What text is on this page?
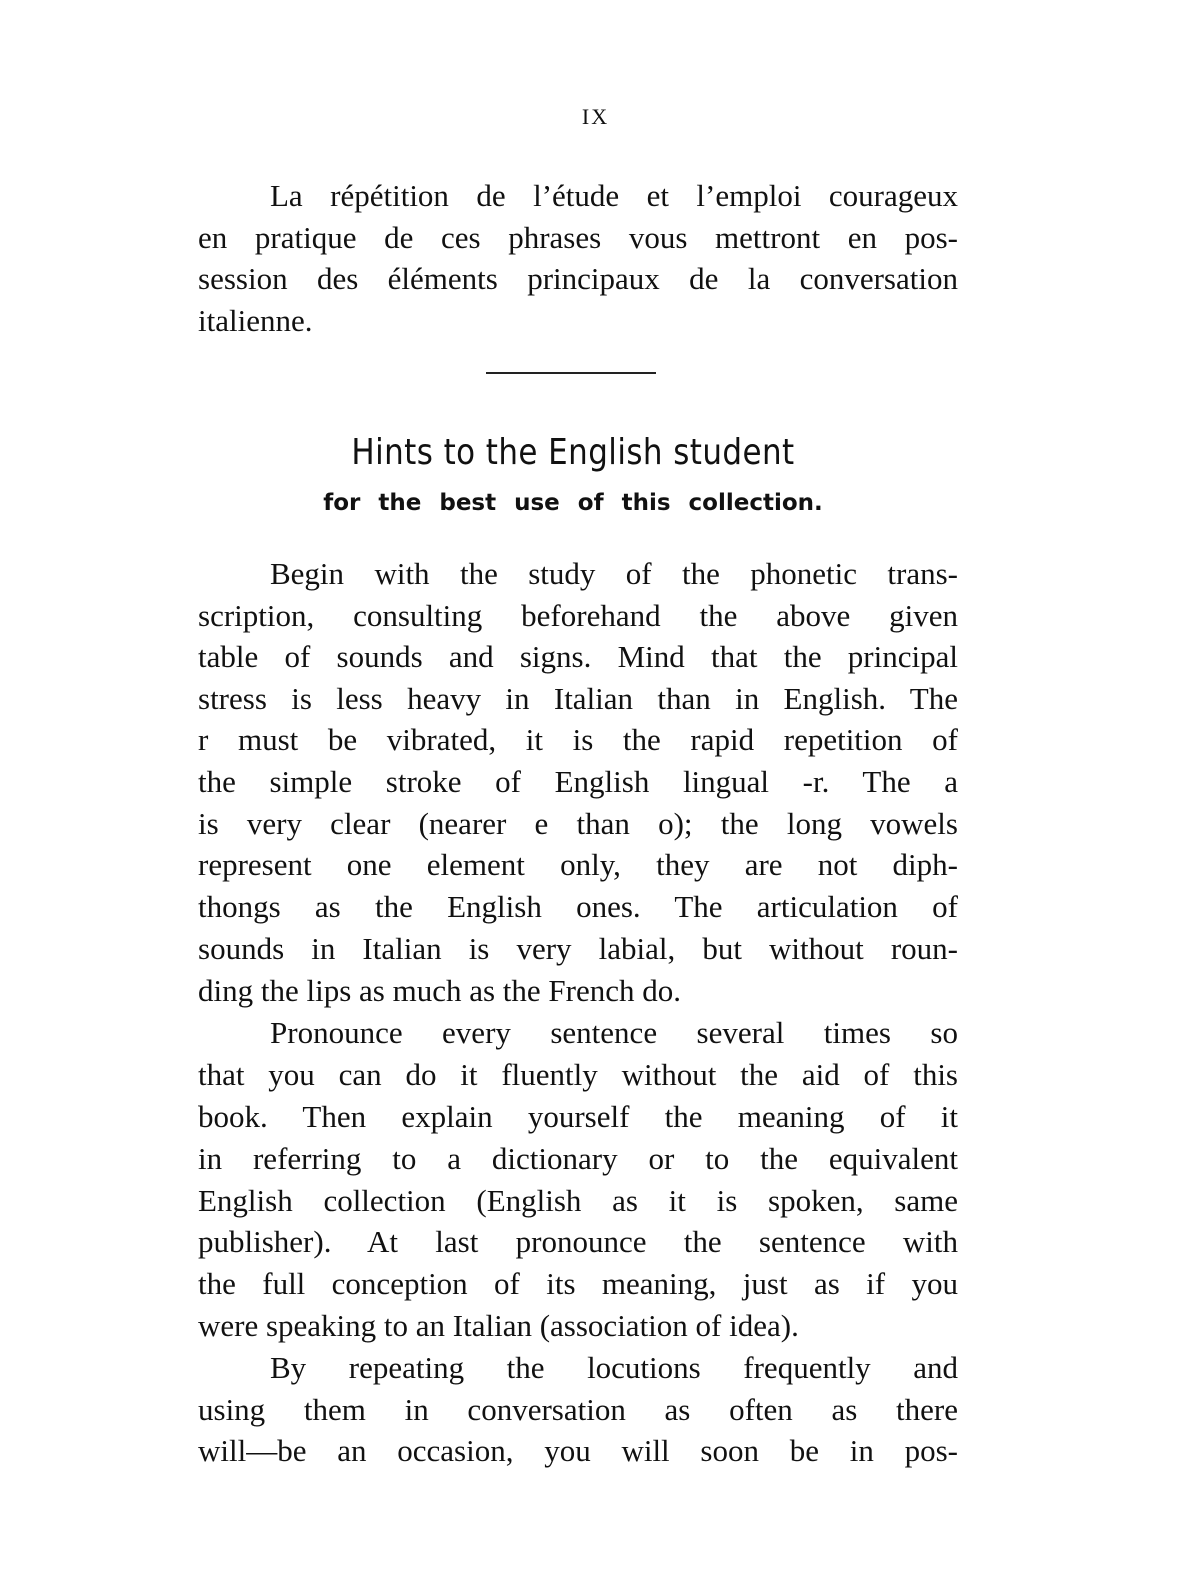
IX
La répétition de l’étude et l’emploi courageux
en pratique de ces phrases vous mettront en pos-
session des éléments principaux de la conversation
italienne.
Hints to the English student
for the best use of this collection.
Begin with the study of the phonetic trans-
scription, consulting beforehand the above given
table of sounds and signs. Mind that the principal
stress is less heavy in Italian than in English. The
r must be vibrated, it is the rapid repetition of
the simple stroke of English lingual -r. The a
is very clear (nearer e than o); the long vowels
represent one element only, they are not diph-
thongs as the English ones. The articulation of
sounds in Italian is very labial, but without roun-
ding the lips as much as the French do.
Pronounce every sentence several times so
that you can do it fluently without the aid of this
book. Then explain yourself the meaning of it
in referring to a dictionary or to the equivalent
English collection (English as it is spoken, same
publisher). At last pronounce the sentence with
the full conception of its meaning, just as if you
were speaking to an Italian (association of idea).
By repeating the locutions frequently and
using them in conversation as often as there
will—be an occasion, you will soon be in pos-
